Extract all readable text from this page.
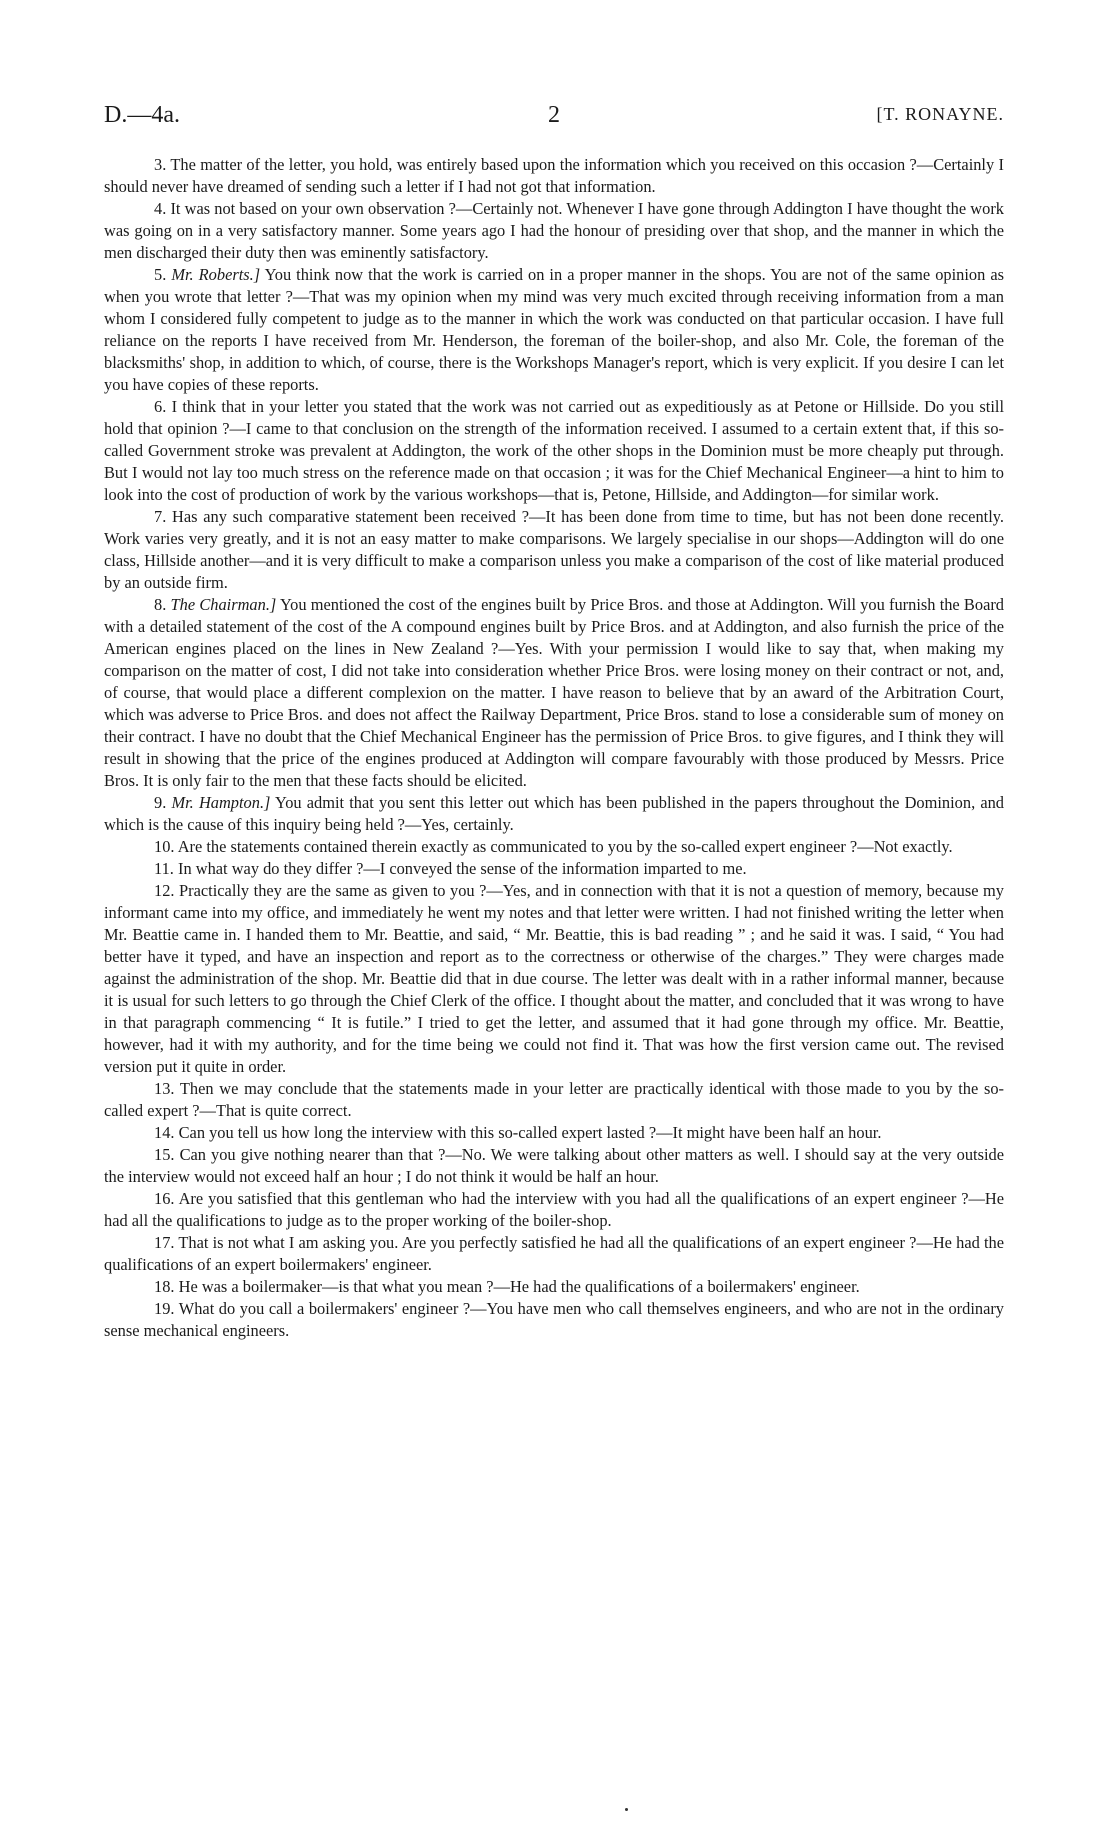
D.—4a.	2	[T. RONAYNE.

3. The matter of the letter, you hold, was entirely based upon the information which you received on this occasion ?—Certainly I should never have dreamed of sending such a letter if I had not got that information.

4. It was not based on your own observation ?—Certainly not. Whenever I have gone through Addington I have thought the work was going on in a very satisfactory manner. Some years ago I had the honour of presiding over that shop, and the manner in which the men discharged their duty then was eminently satisfactory.

5. Mr. Roberts.] You think now that the work is carried on in a proper manner in the shops. You are not of the same opinion as when you wrote that letter ?—That was my opinion when my mind was very much excited through receiving information from a man whom I considered fully competent to judge as to the manner in which the work was conducted on that particular occasion. I have full reliance on the reports I have received from Mr. Henderson, the foreman of the boiler-shop, and also Mr. Cole, the foreman of the blacksmiths' shop, in addition to which, of course, there is the Workshops Manager's report, which is very explicit. If you desire I can let you have copies of these reports.

6. I think that in your letter you stated that the work was not carried out as expeditiously as at Petone or Hillside. Do you still hold that opinion ?—I came to that conclusion on the strength of the information received. I assumed to a certain extent that, if this so-called Government stroke was prevalent at Addington, the work of the other shops in the Dominion must be more cheaply put through. But I would not lay too much stress on the reference made on that occasion ; it was for the Chief Mechanical Engineer—a hint to him to look into the cost of production of work by the various workshops—that is, Petone, Hillside, and Addington—for similar work.

7. Has any such comparative statement been received ?—It has been done from time to time, but has not been done recently. Work varies very greatly, and it is not an easy matter to make comparisons. We largely specialise in our shops—Addington will do one class, Hillside another—and it is very difficult to make a comparison unless you make a comparison of the cost of like material produced by an outside firm.

8. The Chairman.] You mentioned the cost of the engines built by Price Bros. and those at Addington. Will you furnish the Board with a detailed statement of the cost of the A compound engines built by Price Bros. and at Addington, and also furnish the price of the American engines placed on the lines in New Zealand ?—Yes. With your permission I would like to say that, when making my comparison on the matter of cost, I did not take into consideration whether Price Bros. were losing money on their contract or not, and, of course, that would place a different complexion on the matter. I have reason to believe that by an award of the Arbitration Court, which was adverse to Price Bros. and does not affect the Railway Department, Price Bros. stand to lose a considerable sum of money on their contract. I have no doubt that the Chief Mechanical Engineer has the permission of Price Bros. to give figures, and I think they will result in showing that the price of the engines produced at Addington will compare favourably with those produced by Messrs. Price Bros. It is only fair to the men that these facts should be elicited.

9. Mr. Hampton.] You admit that you sent this letter out which has been published in the papers throughout the Dominion, and which is the cause of this inquiry being held ?—Yes, certainly.

10. Are the statements contained therein exactly as communicated to you by the so-called expert engineer ?—Not exactly.

11. In what way do they differ ?—I conveyed the sense of the information imparted to me.

12. Practically they are the same as given to you ?—Yes, and in connection with that it is not a question of memory, because my informant came into my office, and immediately he went my notes and that letter were written. I had not finished writing the letter when Mr. Beattie came in. I handed them to Mr. Beattie, and said, “ Mr. Beattie, this is bad reading ” ; and he said it was. I said, “ You had better have it typed, and have an inspection and report as to the correctness or otherwise of the charges.” They were charges made against the administration of the shop. Mr. Beattie did that in due course. The letter was dealt with in a rather informal manner, because it is usual for such letters to go through the Chief Clerk of the office. I thought about the matter, and concluded that it was wrong to have in that paragraph commencing “ It is futile.” I tried to get the letter, and assumed that it had gone through my office. Mr. Beattie, however, had it with my authority, and for the time being we could not find it. That was how the first version came out. The revised version put it quite in order.

13. Then we may conclude that the statements made in your letter are practically identical with those made to you by the so-called expert ?—That is quite correct.

14. Can you tell us how long the interview with this so-called expert lasted ?—It might have been half an hour.

15. Can you give nothing nearer than that ?—No. We were talking about other matters as well. I should say at the very outside the interview would not exceed half an hour ; I do not think it would be half an hour.

16. Are you satisfied that this gentleman who had the interview with you had all the qualifications of an expert engineer ?—He had all the qualifications to judge as to the proper working of the boiler-shop.

17. That is not what I am asking you. Are you perfectly satisfied he had all the qualifications of an expert engineer ?—He had the qualifications of an expert boilermakers' engineer.

18. He was a boilermaker—is that what you mean ?—He had the qualifications of a boilermakers' engineer.

19. What do you call a boilermakers' engineer ?—You have men who call themselves engineers, and who are not in the ordinary sense mechanical engineers.
